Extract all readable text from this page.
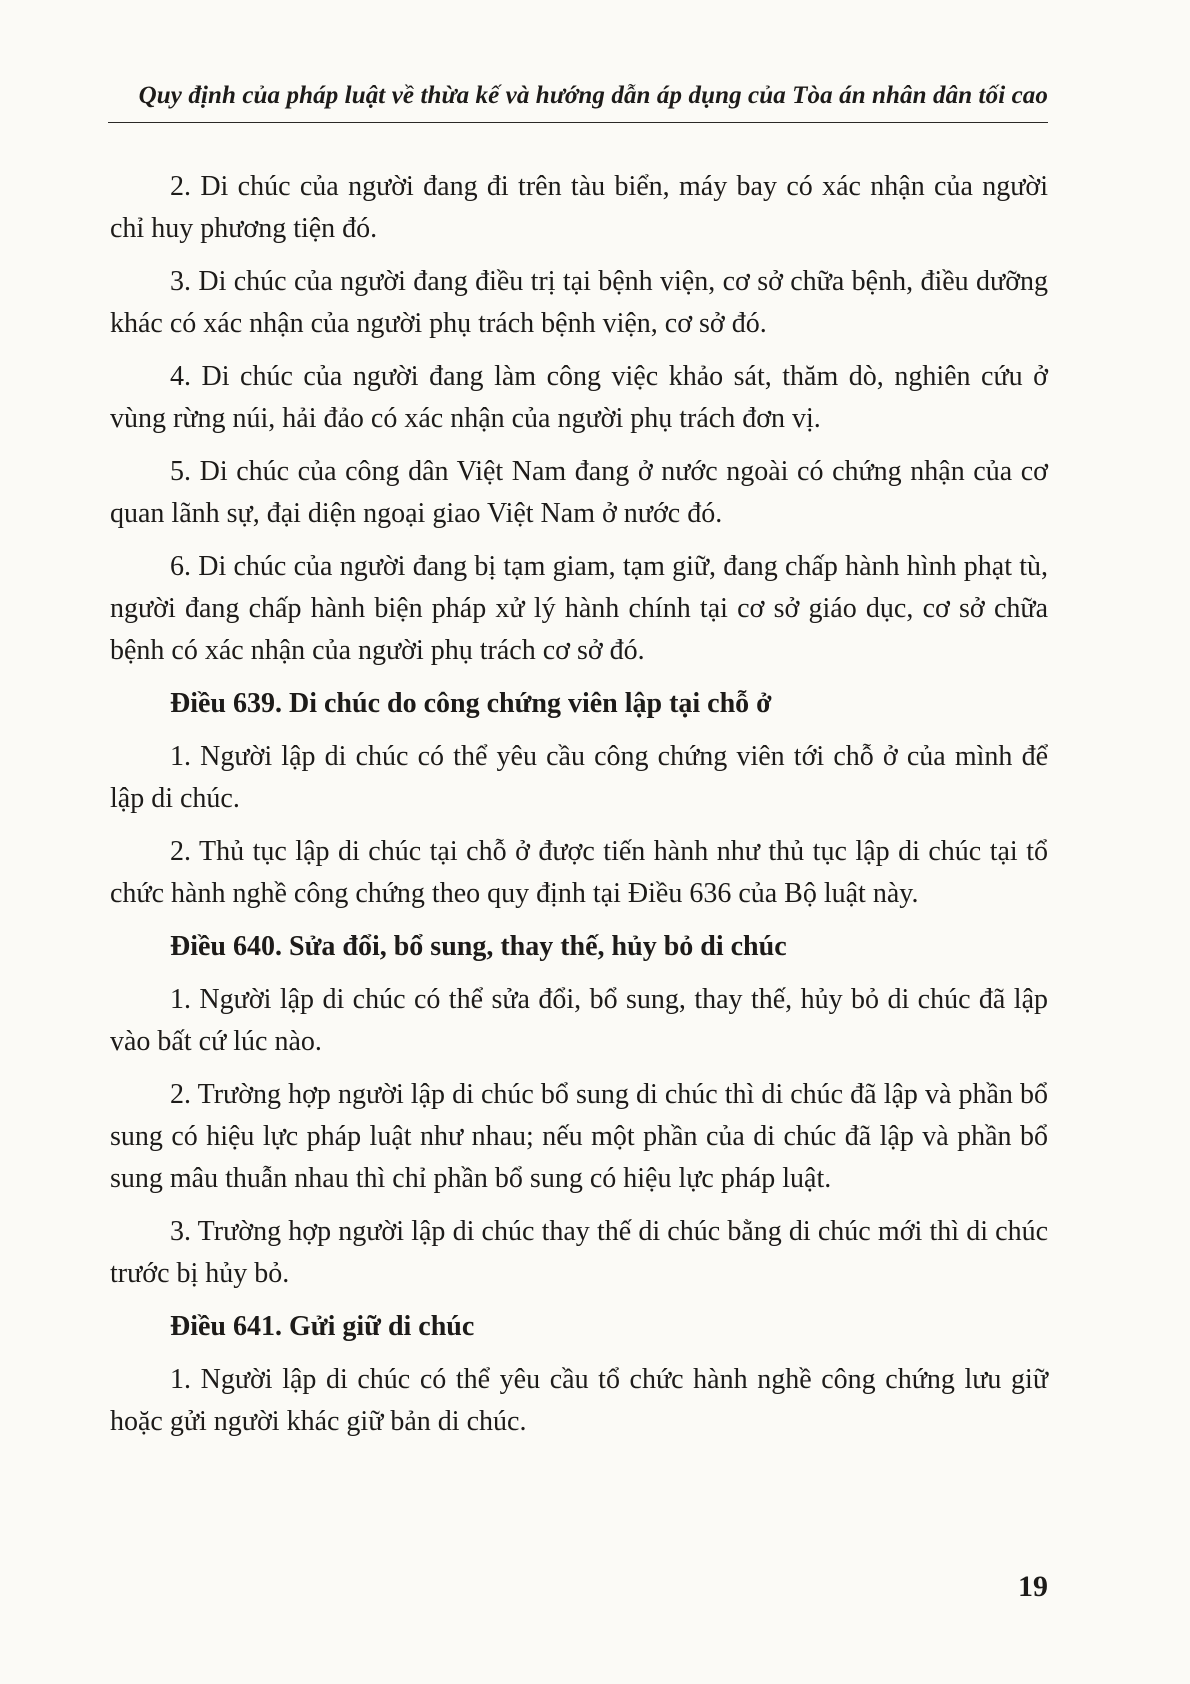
Quy định của pháp luật về thừa kế và hướng dẫn áp dụng của Tòa án nhân dân tối cao

2. Di chúc của người đang đi trên tàu biển, máy bay có xác nhận của người chỉ huy phương tiện đó.

3. Di chúc của người đang điều trị tại bệnh viện, cơ sở chữa bệnh, điều dưỡng khác có xác nhận của người phụ trách bệnh viện, cơ sở đó.

4. Di chúc của người đang làm công việc khảo sát, thăm dò, nghiên cứu ở vùng rừng núi, hải đảo có xác nhận của người phụ trách đơn vị.

5. Di chúc của công dân Việt Nam đang ở nước ngoài có chứng nhận của cơ quan lãnh sự, đại diện ngoại giao Việt Nam ở nước đó.

6. Di chúc của người đang bị tạm giam, tạm giữ, đang chấp hành hình phạt tù, người đang chấp hành biện pháp xử lý hành chính tại cơ sở giáo dục, cơ sở chữa bệnh có xác nhận của người phụ trách cơ sở đó.

Điều 639. Di chúc do công chứng viên lập tại chỗ ở

1. Người lập di chúc có thể yêu cầu công chứng viên tới chỗ ở của mình để lập di chúc.

2. Thủ tục lập di chúc tại chỗ ở được tiến hành như thủ tục lập di chúc tại tổ chức hành nghề công chứng theo quy định tại Điều 636 của Bộ luật này.

Điều 640. Sửa đổi, bổ sung, thay thế, hủy bỏ di chúc

1. Người lập di chúc có thể sửa đổi, bổ sung, thay thế, hủy bỏ di chúc đã lập vào bất cứ lúc nào.

2. Trường hợp người lập di chúc bổ sung di chúc thì di chúc đã lập và phần bổ sung có hiệu lực pháp luật như nhau; nếu một phần của di chúc đã lập và phần bổ sung mâu thuẫn nhau thì chỉ phần bổ sung có hiệu lực pháp luật.

3. Trường hợp người lập di chúc thay thế di chúc bằng di chúc mới thì di chúc trước bị hủy bỏ.

Điều 641. Gửi giữ di chúc

1. Người lập di chúc có thể yêu cầu tổ chức hành nghề công chứng lưu giữ hoặc gửi người khác giữ bản di chúc.

19
